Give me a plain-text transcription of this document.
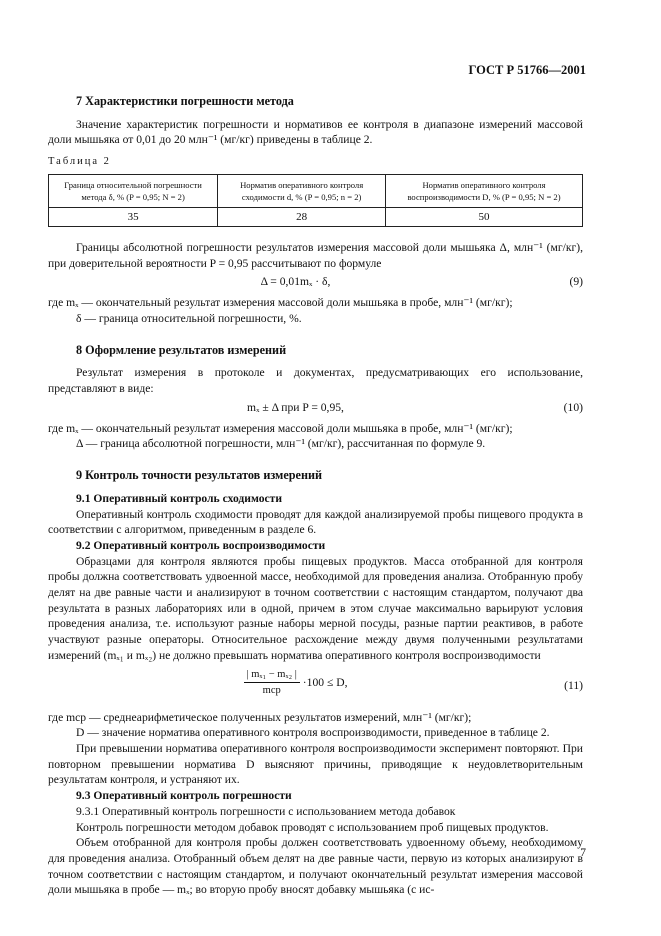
ГОСТ Р 51766—2001
7 Характеристики погрешности метода

Значение характеристик погрешности и нормативов ее контроля в диапазоне измерений массовой доли мышьяка от 0,01 до 20 млн⁻¹ (мг/кг) приведены в таблице 2.

Таблица 2
Граница относительной погрешности метода δ, % (P = 0,95; N = 2)	Норматив оперативного контроля сходимости d, % (P = 0,95; n = 2)	Норматив оперативного контроля воспроизводимости D, % (P = 0,95; N = 2)
35	28	50

Границы абсолютной погрешности результатов измерения массовой доли мышьяка Δ, млн⁻¹ (мг/кг), при доверительной вероятности P = 0,95 рассчитывают по формуле

Δ = 0,01mₓ · δ,	(9)

где mₓ — окончательный результат измерения массовой доли мышьяка в пробе, млн⁻¹ (мг/кг);

δ — граница относительной погрешности, %.

8 Оформление результатов измерений

Результат измерения в протоколе и документах, предусматривающих его использование, представляют в виде:

mₓ ± Δ при P = 0,95,	(10)

где mₓ — окончательный результат измерения массовой доли мышьяка в пробе, млн⁻¹ (мг/кг);

Δ — граница абсолютной погрешности, млн⁻¹ (мг/кг), рассчитанная по формуле 9.

9 Контроль точности результатов измерений
9.1 Оперативный контроль сходимости

Оперативный контроль сходимости проводят для каждой анализируемой пробы пищевого продукта в соответствии с алгоритмом, приведенным в разделе 6.

9.2 Оперативный контроль воспроизводимости

Образцами для контроля являются пробы пищевых продуктов. Масса отобранной для контроля пробы должна соответствовать удвоенной массе, необходимой для проведения анализа. Отобранную пробу делят на две равные части и анализируют в точном соответствии с настоящим стандартом, получают два результата в разных лабораториях или в одной, причем в этом случае максимально варьируют условия проведения анализа, т.е. используют разные наборы мерной посуды, разные партии реактивов, в работе участвуют разные операторы. Относительное расхождение между двумя полученными результатами измерений (mₓ₁ и mₓ₂) не должно превышать норматива оперативного контроля воспроизводимости

$\frac{\text{| mₓ₁ − mₓ₂ |}}{\text{mср}} \cdot 100 \le D$,	(11)

где mср — среднеарифметическое полученных результатов измерений, млн⁻¹ (мг/кг);

D — значение норматива оперативного контроля воспроизводимости, приведенное в таблице 2.

При превышении норматива оперативного контроля воспроизводимости эксперимент повторяют. При повторном превышении норматива D выясняют причины, приводящие к неудовлетворительным результатам контроля, и устраняют их.

9.3 Оперативный контроль погрешности

9.3.1 Оперативный контроль погрешности с использованием метода добавок

Контроль погрешности методом добавок проводят с использованием проб пищевых продуктов.

Объем отобранной для контроля пробы должен соответствовать удвоенному объему, необходимому для проведения анализа. Отобранный объем делят на две равные части, первую из которых анализируют в точном соответствии с настоящим стандартом, и получают окончательный результат измерения массовой доли мышьяка в пробе — mₓ; во вторую пробу вносят добавку мышьяка (с ис-

7
